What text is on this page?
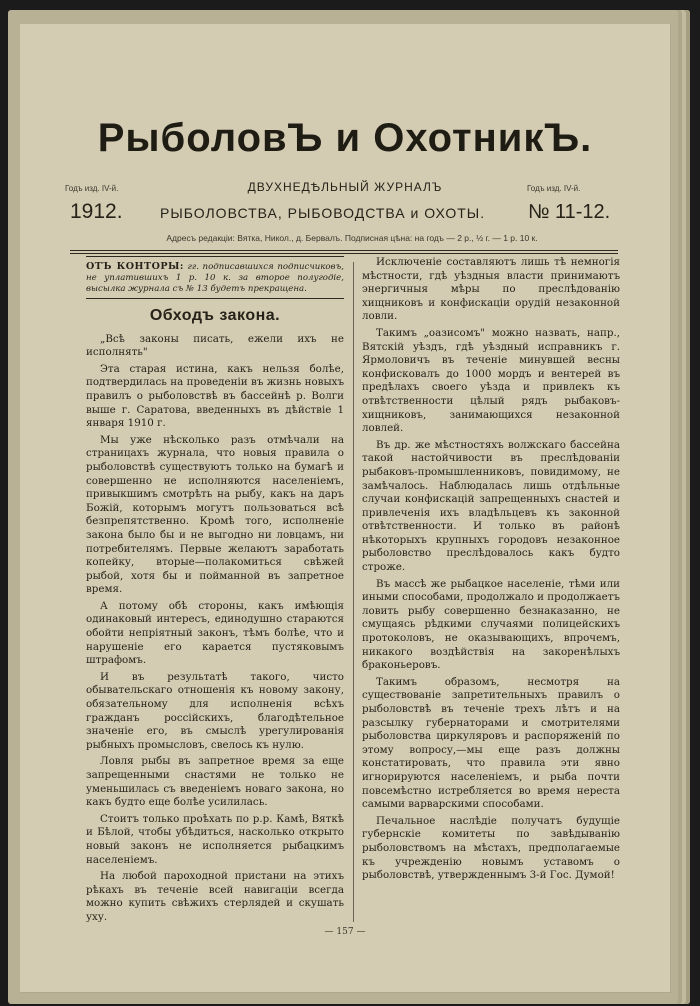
РыболовЪ и ОхотникЪ.
Годъ изд. IV-й.	ДВУХНЕДѢЛЬНЫЙ ЖУРНАЛЪ	Годъ изд. IV-й.
1912.	РЫБОЛОВСТВА, РЫБОВОДСТВА и ОХОТЫ. № 11-12.
Адресъ редакціи: Вятка, Никол., д. Бервалъ. Подписная цѣна: на годъ — 2 р., ½ г. — 1 р. 10 к.
ОТЪ КОНТОРЫ: гг. подписавшихся подписчиковъ, не уплатившихъ 1 р. 10 к. за второе полугодіе, высылка журнала съ № 13 будетъ прекращена.
Обходъ закона.

„Всѣ законы писать, ежели ихъ не исполнять"

Эта старая истина, какъ нельзя болѣе, подтвердилась на проведеніи въ жизнь новыхъ правилъ о рыболовствѣ въ бассейнѣ р. Волги выше г. Саратова, введенныхъ въ дѣйствіе 1 января 1910 г.

Мы уже нѣсколько разъ отмѣчали на страницахъ журнала, что новыя правила о рыболовствѣ существуютъ только на бумагѣ и совершенно не исполняются населеніемъ, привыкшимъ смотрѣть на рыбу, какъ на даръ Божій, которымъ могутъ пользоваться всѣ безпрепятственно. Кромѣ того, исполненіе закона было бы и не выгодно ни ловцамъ, ни потребителямъ. Первые желаютъ заработать копейку, вторые—полакомиться свѣжей рыбой, хотя бы и пойманной въ запретное время.

А потому обѣ стороны, какъ имѣющія одинаковый интересъ, единодушно стараются обойти непріятный законъ, тѣмъ болѣе, что и нарушеніе его карается пустяковымъ штрафомъ.

И въ результатѣ такого, чисто обывательскаго отношенія къ новому закону, обязательному для исполненія всѣхъ гражданъ россійскихъ, благодѣтельное значеніе его, въ смыслѣ урегулированія рыбныхъ промысловъ, свелось къ нулю.

Ловля рыбы въ запретное время за еще запрещенными снастями не только не уменьшилась съ введеніемъ новаго закона, но какъ будто еще болѣе усилилась.

Стоитъ только проѣхать по р.р. Камѣ, Вяткѣ и Бѣлой, чтобы убѣдиться, насколько открыто новый законъ не исполняется рыбацкимъ населеніемъ.

На любой пароходной пристани на этихъ рѣкахъ въ теченіе всей навигаціи всегда можно купить свѣжихъ стерлядей и скушать уху.

Исключеніе составляютъ лишь тѣ немногія мѣстности, гдѣ уѣздныя власти принимаютъ энергичныя мѣры по преслѣдованію хищниковъ и конфискаціи орудій незаконной ловли.

Такимъ „оазисомъ" можно назвать, напр., Вятскій уѣздъ, гдѣ уѣздный исправникъ г. Ярмоловичъ въ теченіе минувшей весны конфисковалъ до 1000 мордъ и вентерей въ предѣлахъ своего уѣзда и привлекъ къ отвѣтственности цѣлый рядъ рыбаковъ-хищниковъ, занимающихся незаконной ловлей.

Въ др. же мѣстностяхъ волжскаго бассейна такой настойчивости въ преслѣдованіи рыбаковъ-промышленниковъ, повидимому, не замѣчалось. Наблюдалась лишь отдѣльные случаи конфискацій запрещенныхъ снастей и привлеченія ихъ владѣльцевъ къ законной отвѣтственности. И только въ районѣ нѣкоторыхъ крупныхъ городовъ незаконное рыболовство преслѣдовалось какъ будто строже.

Въ массѣ же рыбацкое населеніе, тѣми или иными способами, продолжало и продолжаетъ ловить рыбу совершенно безнаказанно, не смущаясь рѣдкими случаями полицейскихъ протоколовъ, не оказывающихъ, впрочемъ, никакого воздѣйствія на закоренѣлыхъ браконьеровъ.

Такимъ образомъ, несмотря на существованіе запретительныхъ правилъ о рыболовствѣ въ теченіе трехъ лѣтъ и на разсылку губернаторами и смотрителями рыболовства циркуляровъ и распоряженій по этому вопросу,—мы еще разъ должны констатировать, что правила эти явно игнорируются населеніемъ, и рыба почти повсемѣстно истребляется во время нереста самыми варварскими способами.

Печальное наслѣдіе получатъ будущіе губернскіе комитеты по завѣдыванію рыболовствомъ на мѣстахъ, предполагаемые къ учрежденію новымъ уставомъ о рыболовствѣ, утвержденнымъ 3-й Гос. Думой!

— 157 —
